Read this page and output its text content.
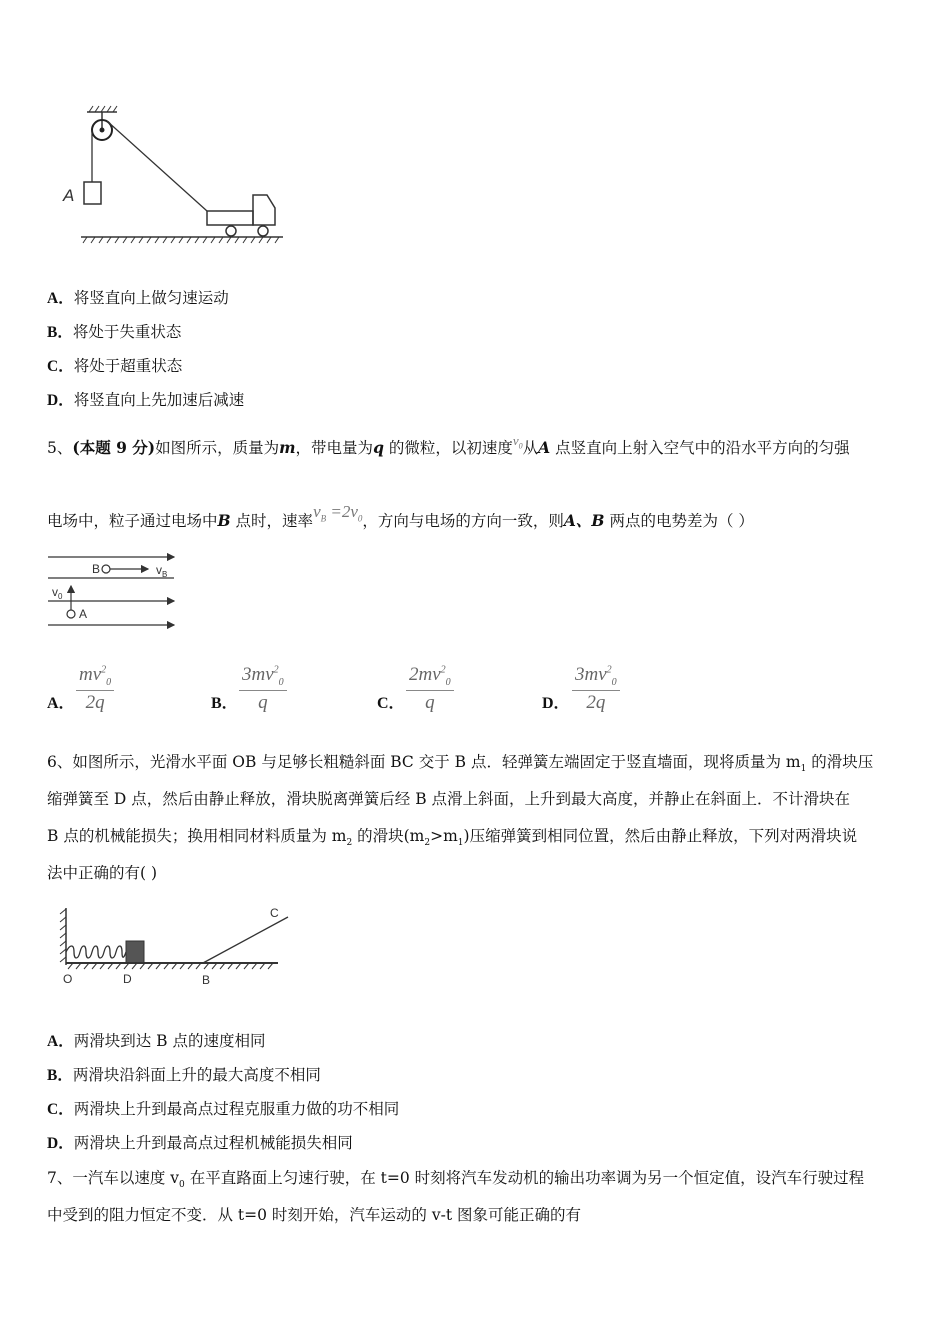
A
A．将竖直向上做匀速运动
B．将处于失重状态
C．将处于超重状态
D．将竖直向上先加速后减速
5、(本题 9 分)如图所示，质量为m，带电量为q 的微粒，以初速度$^{v_0}$从A 点竖直向上射入空气中的沿水平方向的匀强
电场中，粒子通过电场中B 点时，速率$v_B =2v_0$，方向与电场的方向一致，则A、B 两点的电势差为（ ）
B	$v_B$
$v_0$
A
A． $\frac{mv^2_0}{2q}$	B． $\frac{3mv^2_0}{q}$	C． $\frac{2mv^2_0}{q}$	D． $\frac{3mv^2_0}{2q}$
6、如图所示，光滑水平面 OB 与足够长粗糙斜面 BC 交于 B 点．轻弹簧左端固定于竖直墙面，现将质量为 $m_1$ 的滑块压
缩弹簧至 D 点，然后由静止释放，滑块脱离弹簧后经 B 点滑上斜面，上升到最大高度，并静止在斜面上．不计滑块在
B 点的机械能损失；换用相同材料质量为 $m_2$ 的滑块$(m_2>m_1)$压缩弹簧到相同位置，然后由静止释放，下列对两滑块说
法中正确的有( )
C
O	D	B
A．两滑块到达 B 点的速度相同
B．两滑块沿斜面上升的最大高度不相同
C．两滑块上升到最高点过程克服重力做的功不相同
D．两滑块上升到最高点过程机械能损失相同
7、一汽车以速度 $v_0$ 在平直路面上匀速行驶，在 t=0 时刻将汽车发动机的输出功率调为另一个恒定值，设汽车行驶过程
中受到的阻力恒定不变．从 t=0 时刻开始，汽车运动的 v-t 图象可能正确的有
